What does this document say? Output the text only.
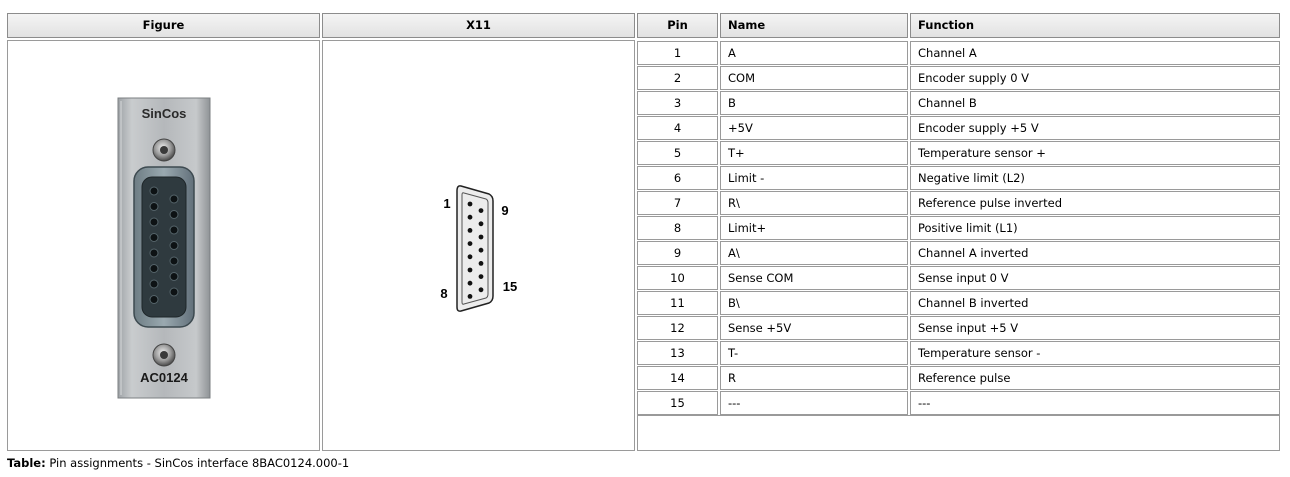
Figure	X11	Pin	Name	Function
SinCos
AC0124
1	9
8	15
1	A	Channel A
2	COM	Encoder supply 0 V
3	B	Channel B
4	+5V	Encoder supply +5 V
5	T+	Temperature sensor +
6	Limit -	Negative limit (L2)
7	R\	Reference pulse inverted
8	Limit+	Positive limit (L1)
9	A\	Channel A inverted
10	Sense COM	Sense input 0 V
11	B\	Channel B inverted
12	Sense +5V	Sense input +5 V
13	T-	Temperature sensor -
14	R	Reference pulse
15	---	---
Table: Pin assignments - SinCos interface 8BAC0124.000-1
